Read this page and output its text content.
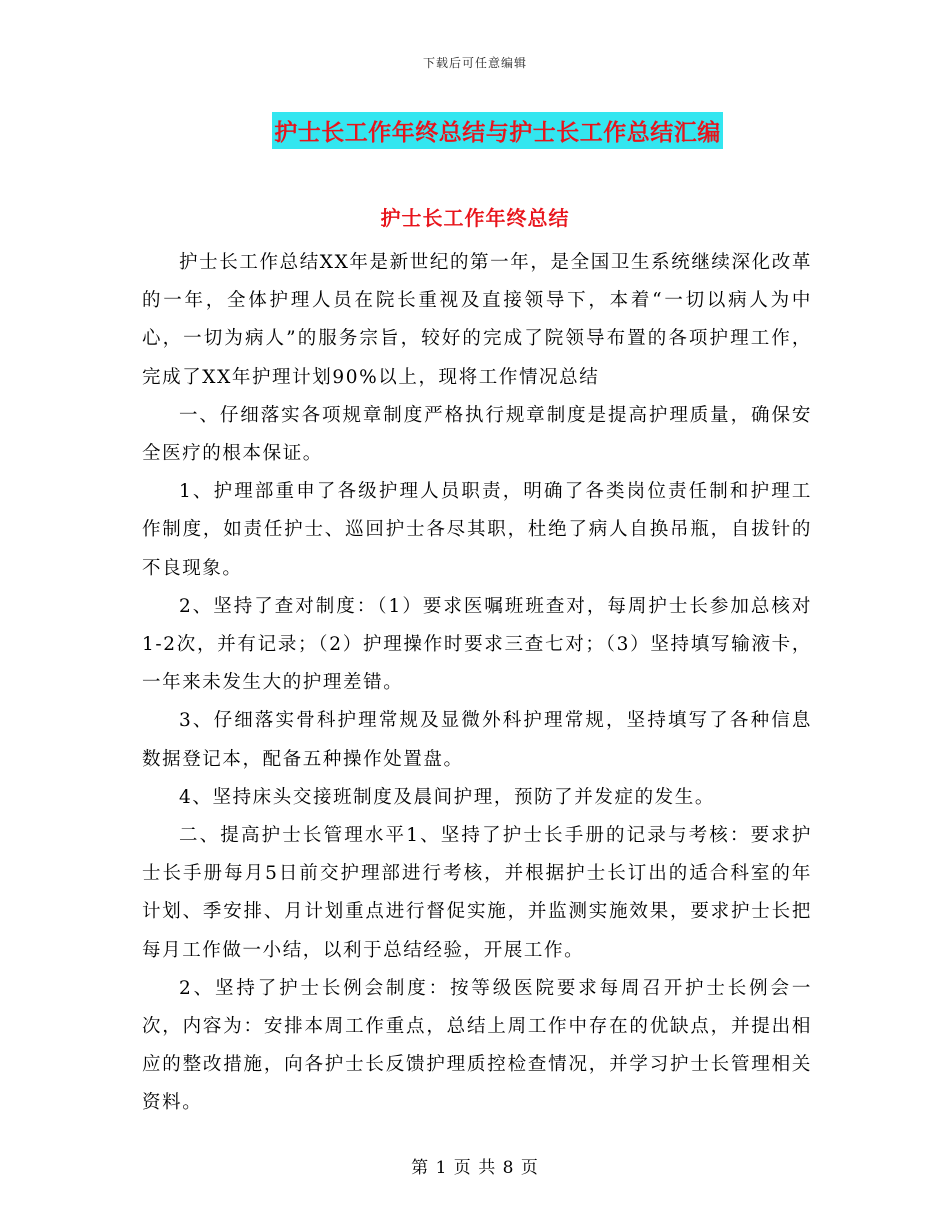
下载后可任意编辑
护士长工作年终总结与护士长工作总结汇编
护士长工作年终总结

护士长工作总结XX年是新世纪的第一年，是全国卫生系统继续深化改革的一年，全体护理人员在院长重视及直接领导下，本着“一切以病人为中心，一切为病人”的服务宗旨，较好的完成了院领导布置的各项护理工作，完成了XX年护理计划90%以上，现将工作情况总结

一、仔细落实各项规章制度严格执行规章制度是提高护理质量，确保安全医疗的根本保证。

1、护理部重申了各级护理人员职责，明确了各类岗位责任制和护理工作制度，如责任护士、巡回护士各尽其职，杜绝了病人自换吊瓶，自拔针的不良现象。

2、坚持了查对制度：（1）要求医嘱班班查对，每周护士长参加总核对1-2次，并有记录；（2）护理操作时要求三查七对；（3）坚持填写输液卡，一年来未发生大的护理差错。

3、仔细落实骨科护理常规及显微外科护理常规，坚持填写了各种信息数据登记本，配备五种操作处置盘。

4、坚持床头交接班制度及晨间护理，预防了并发症的发生。

二、提高护士长管理水平1、坚持了护士长手册的记录与考核：要求护士长手册每月5日前交护理部进行考核，并根据护士长订出的适合科室的年计划、季安排、月计划重点进行督促实施，并监测实施效果，要求护士长把每月工作做一小结，以利于总结经验，开展工作。

2、坚持了护士长例会制度：按等级医院要求每周召开护士长例会一次，内容为：安排本周工作重点，总结上周工作中存在的优缺点，并提出相应的整改措施，向各护士长反馈护理质控检查情况，并学习护士长管理相关资料。

第 1 页 共 8 页
